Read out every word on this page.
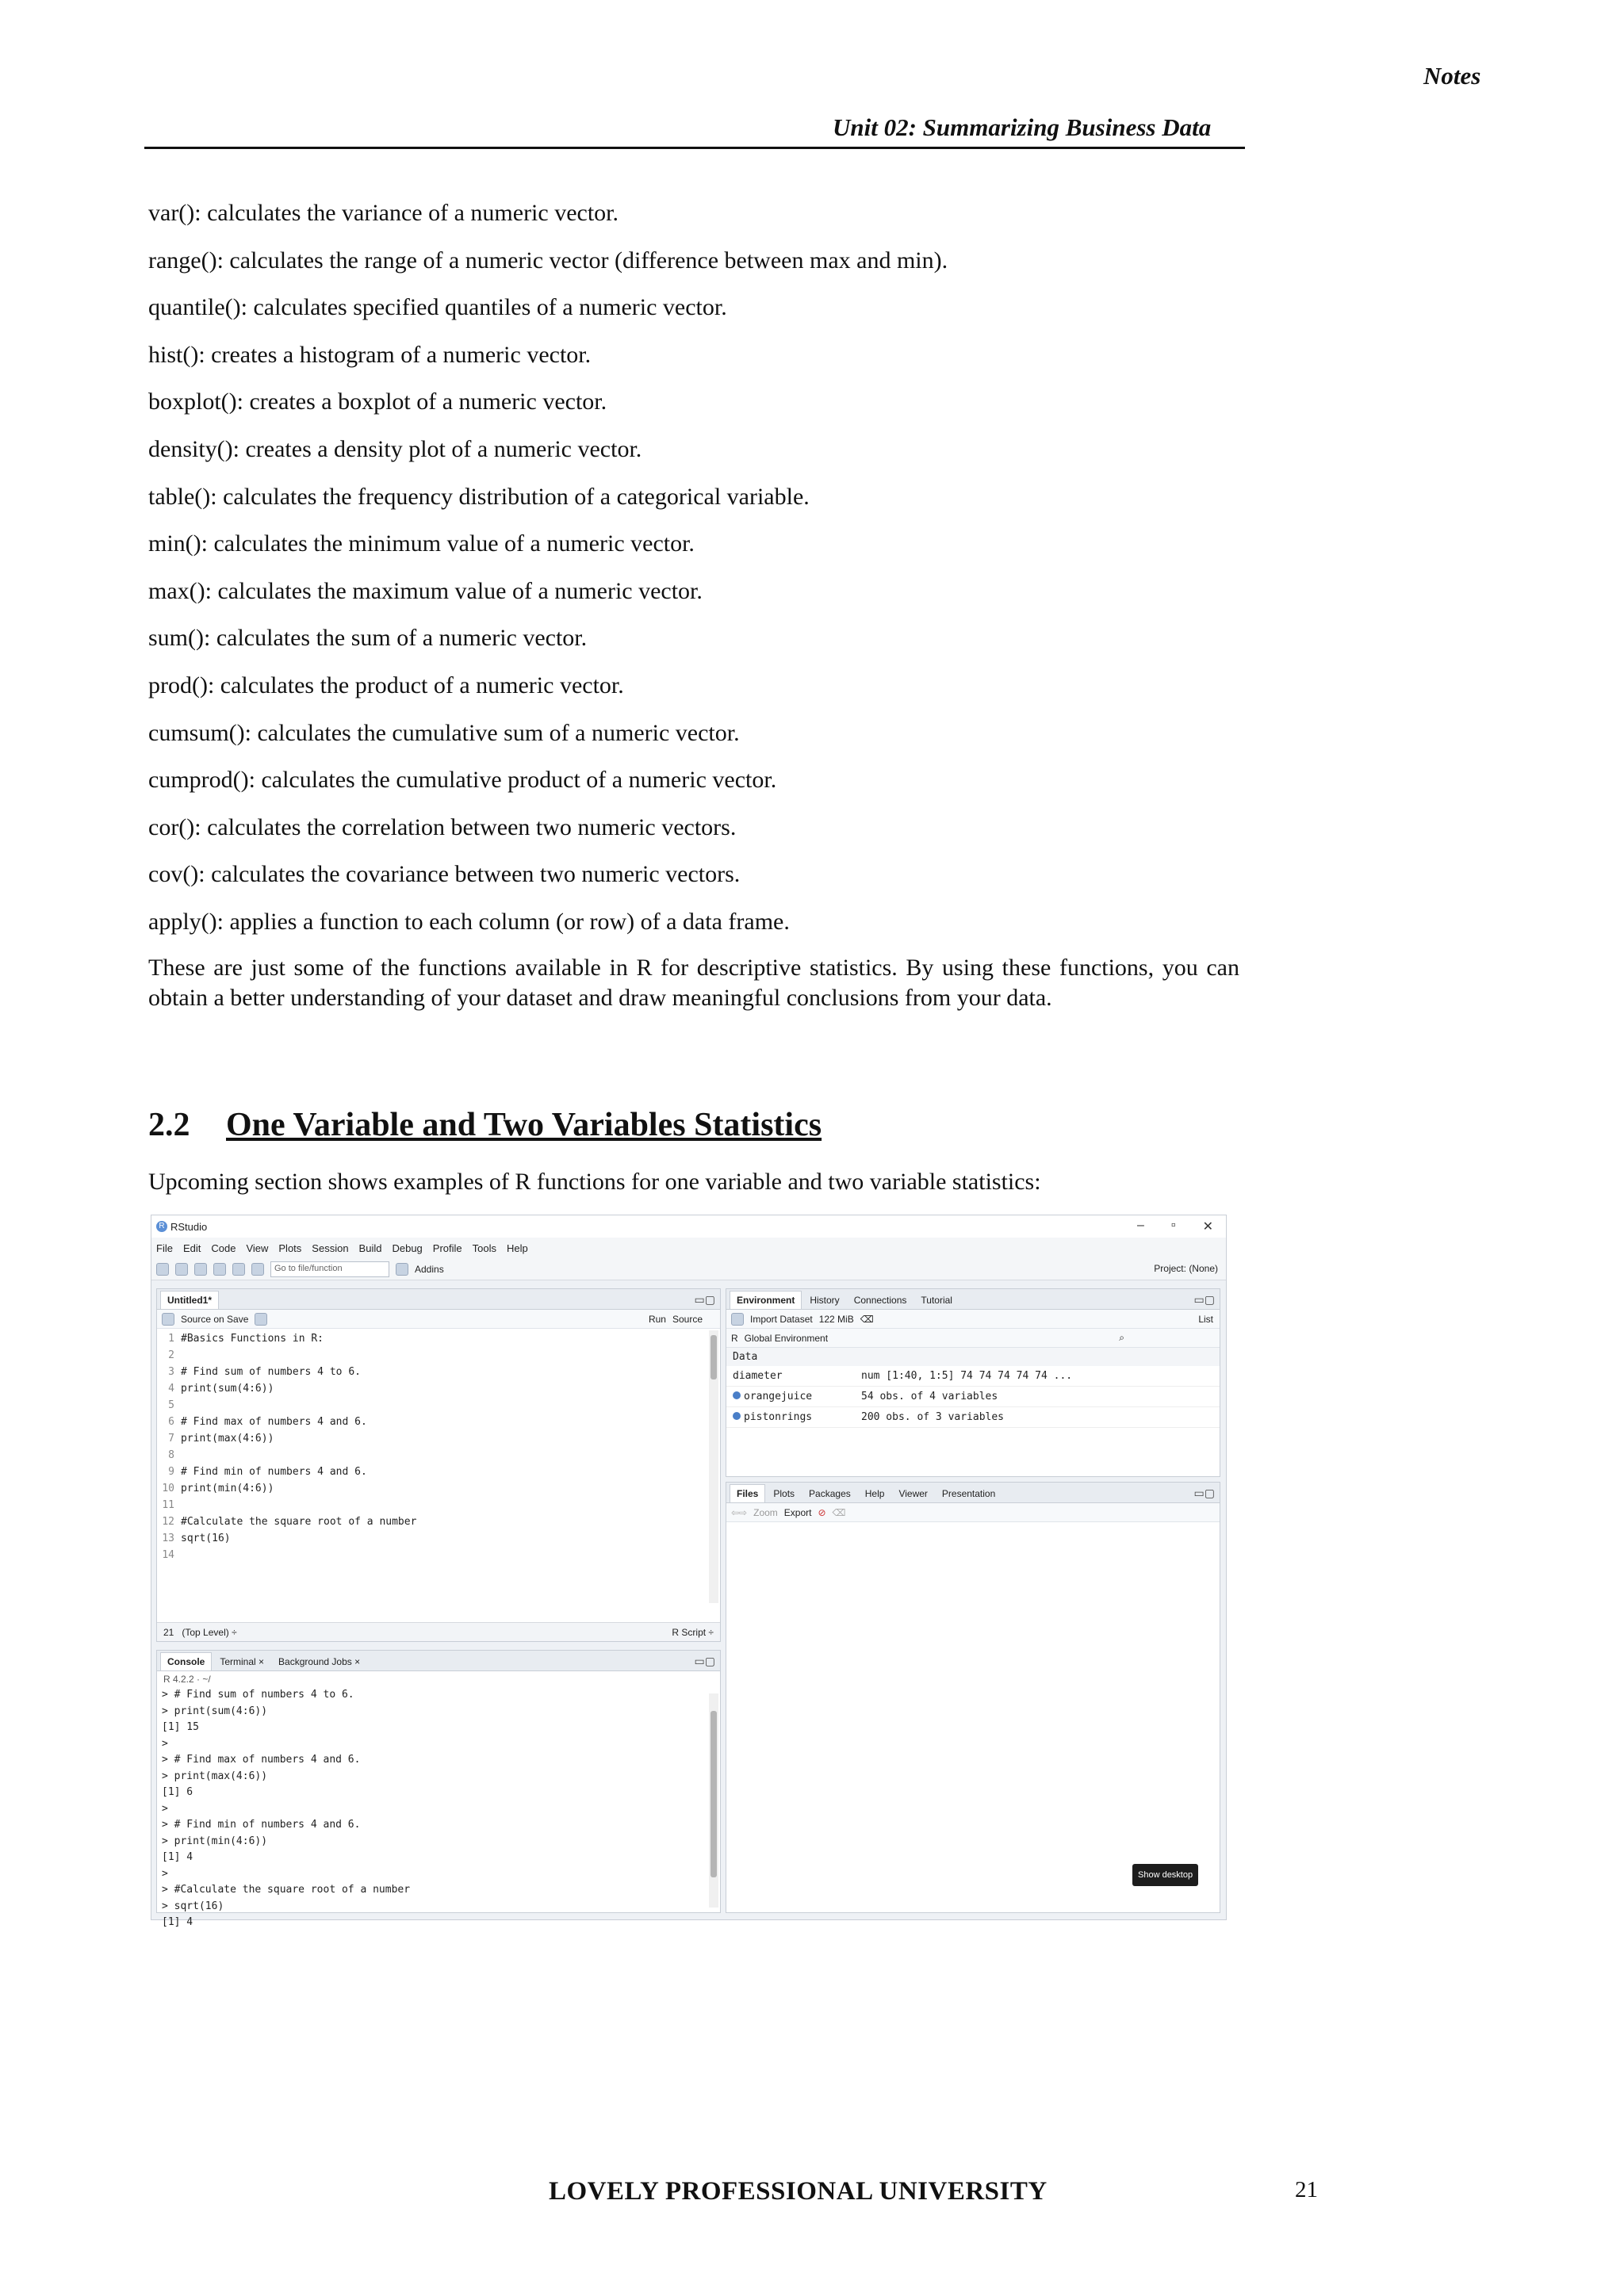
Notes
Unit 02: Summarizing Business Data
var(): calculates the variance of a numeric vector.
range(): calculates the range of a numeric vector (difference between max and min).
quantile(): calculates specified quantiles of a numeric vector.
hist(): creates a histogram of a numeric vector.
boxplot(): creates a boxplot of a numeric vector.
density(): creates a density plot of a numeric vector.
table(): calculates the frequency distribution of a categorical variable.
min(): calculates the minimum value of a numeric vector.
max(): calculates the maximum value of a numeric vector.
sum(): calculates the sum of a numeric vector.
prod(): calculates the product of a numeric vector.
cumsum(): calculates the cumulative sum of a numeric vector.
cumprod(): calculates the cumulative product of a numeric vector.
cor(): calculates the correlation between two numeric vectors.
cov(): calculates the covariance between two numeric vectors.
apply(): applies a function to each column (or row) of a data frame.
These are just some of the functions available in R for descriptive statistics. By using these functions, you can obtain a better understanding of your dataset and draw meaningful conclusions from your data.
2.2 One Variable and Two Variables Statistics
Upcoming section shows examples of R functions for one variable and two variable statistics:
R RStudio	– ▫ ✕
File Edit Code View Plots Session Build Debug Profile Tools Help
Go to file/function	Addins	Project: (None)
Untitled1*	▭▢
Source on Save	Run Source
1 #Basics Functions in R:
2
3 # Find sum of numbers 4 to 6.
4 print(sum(4:6))
5
6 # Find max of numbers 4 and 6.
7 print(max(4:6))
8
9 # Find min of numbers 4 and 6.
10 print(min(4:6))
11
12 #Calculate the square root of a number
13 sqrt(16)
14
21 (Top Level) ÷	R Script ÷
Console	Terminal ×	Background Jobs ×	▭▢
R 4.2.2 · ~/
> # Find sum of numbers 4 to 6.
> print(sum(4:6))
[1] 15
>
> # Find max of numbers 4 and 6.
> print(max(4:6))
[1] 6
>
> # Find min of numbers 4 and 6.
> print(min(4:6))
[1] 4
>
> #Calculate the square root of a number
> sqrt(16)
[1] 4
Environment	History	Connections	Tutorial	▭▢
Import Dataset 122 MiB ⌫	List
R Global Environment	⌕
Data
diameter	num [1:40, 1:5] 74 74 74 74 74 ...
orangejuice	54 obs. of 4 variables
pistonrings	200 obs. of 3 variables
Files	Plots	Packages	Help	Viewer	Presentation	▭▢
⇦⇨ Zoom Export ⊘ ⌫
Show desktop
LOVELY PROFESSIONAL UNIVERSITY	21
